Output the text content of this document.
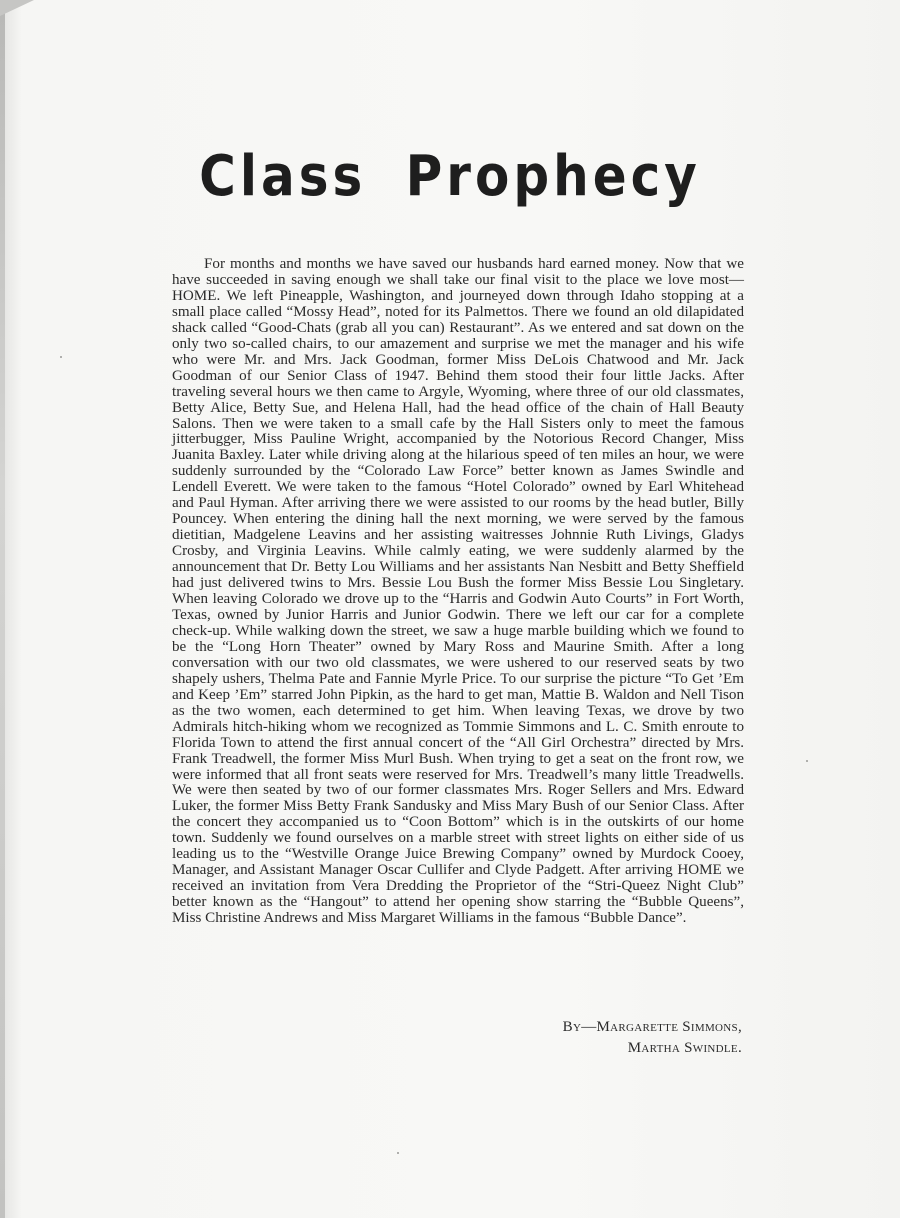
Class Prophecy

For months and months we have saved our husbands hard earned money. Now that we have succeeded in saving enough we shall take our final visit to the place we love most—HOME. We left Pineapple, Washington, and journeyed down through Idaho stopping at a small place called “Mossy Head”, noted for its Palmettos. There we found an old dilapidated shack called “Good-Chats (grab all you can) Restaurant”. As we entered and sat down on the only two so-called chairs, to our amazement and surprise we met the manager and his wife who were Mr. and Mrs. Jack Goodman, former Miss DeLois Chatwood and Mr. Jack Goodman of our Senior Class of 1947. Behind them stood their four little Jacks. After traveling several hours we then came to Argyle, Wyoming, where three of our old classmates, Betty Alice, Betty Sue, and Helena Hall, had the head office of the chain of Hall Beauty Salons. Then we were taken to a small cafe by the Hall Sisters only to meet the famous jitterbugger, Miss Pauline Wright, accompanied by the Notorious Record Changer, Miss Juanita Baxley. Later while driving along at the hilarious speed of ten miles an hour, we were suddenly surrounded by the “Colorado Law Force” better known as James Swindle and Lendell Everett. We were taken to the famous “Hotel Colorado” owned by Earl Whitehead and Paul Hyman. After arriving there we were assisted to our rooms by the head butler, Billy Pouncey. When entering the dining hall the next morning, we were served by the famous dietitian, Madgelene Leavins and her assisting waitresses Johnnie Ruth Livings, Gladys Crosby, and Virginia Leavins. While calmly eating, we were suddenly alarmed by the announcement that Dr. Betty Lou Williams and her assistants Nan Nesbitt and Betty Sheffield had just delivered twins to Mrs. Bessie Lou Bush the former Miss Bessie Lou Singletary. When leaving Colorado we drove up to the “Harris and Godwin Auto Courts” in Fort Worth, Texas, owned by Junior Harris and Junior Godwin. There we left our car for a complete check-up. While walking down the street, we saw a huge marble building which we found to be the “Long Horn Theater” owned by Mary Ross and Maurine Smith. After a long conversation with our two old classmates, we were ushered to our reserved seats by two shapely ushers, Thelma Pate and Fannie Myrle Price. To our surprise the picture “To Get ’Em and Keep ’Em” starred John Pipkin, as the hard to get man, Mattie B. Waldon and Nell Tison as the two women, each determined to get him. When leaving Texas, we drove by two Admirals hitch-hiking whom we recognized as Tommie Simmons and L. C. Smith enroute to Florida Town to attend the first annual concert of the “All Girl Orchestra” directed by Mrs. Frank Treadwell, the former Miss Murl Bush. When trying to get a seat on the front row, we were informed that all front seats were reserved for Mrs. Treadwell’s many little Treadwells. We were then seated by two of our former classmates Mrs. Roger Sellers and Mrs. Edward Luker, the former Miss Betty Frank Sandusky and Miss Mary Bush of our Senior Class. After the concert they accompanied us to “Coon Bottom” which is in the outskirts of our home town. Suddenly we found ourselves on a marble street with street lights on either side of us leading us to the “Westville Orange Juice Brewing Company” owned by Murdock Cooey, Manager, and Assistant Manager Oscar Cullifer and Clyde Padgett. After arriving HOME we received an invitation from Vera Dredding the Proprietor of the “Stri-Queez Night Club” better known as the “Hangout” to attend her opening show starring the “Bubble Queens”, Miss Christine Andrews and Miss Margaret Williams in the famous “Bubble Dance”.

By—Margarette Simmons,

Martha Swindle.
